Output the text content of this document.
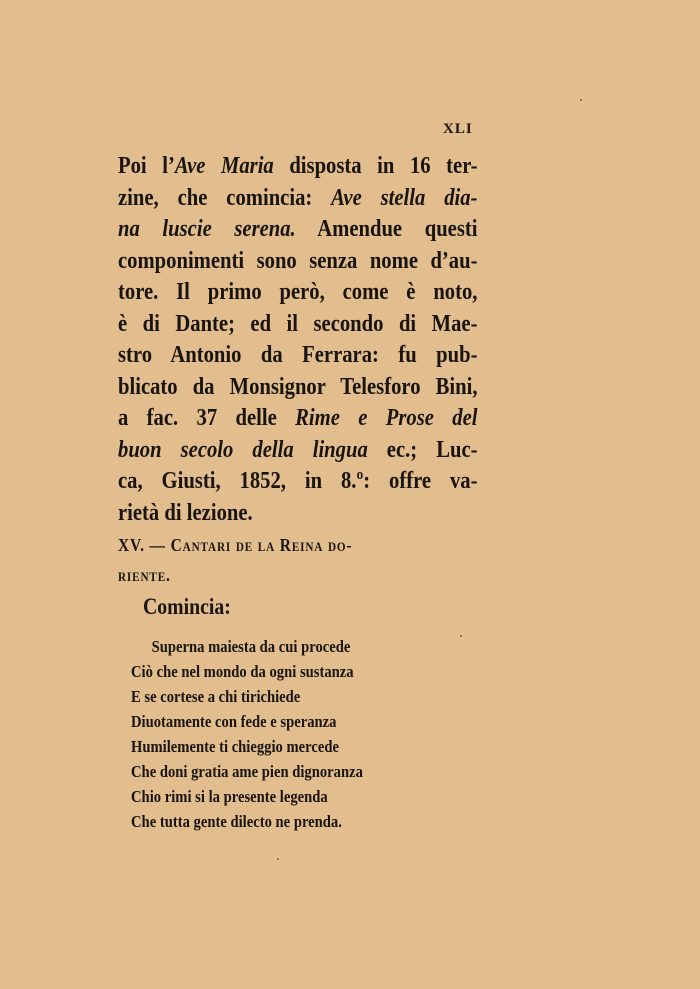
XLI
Poi l’Ave Maria disposta in 16 ter-
zine, che comincia: Ave stella dia-
na luscie serena. Amendue questi
componimenti sono senza nome d’au-
tore. Il primo però, come è noto,
è di Dante; ed il secondo di Mae-
stro Antonio da Ferrara: fu pub-
blicato da Monsignor Telesforo Bini,
a fac. 37 delle Rime e Prose del
buon secolo della lingua ec.; Luc-
ca, Giusti, 1852, in 8.º: offre va-
rietà di lezione.
XV. — Cantari de la Reina do-
riente.
Comincia:
Superna maiesta da cui procede
Ciò che nel mondo da ogni sustanza
E se cortese a chi tirichiede
Diuotamente con fede e speranza
Humilemente ti chieggio mercede
Che doni gratia ame pien dignoranza
Chio rimi si la presente legenda
Che tutta gente dilecto ne prenda.
